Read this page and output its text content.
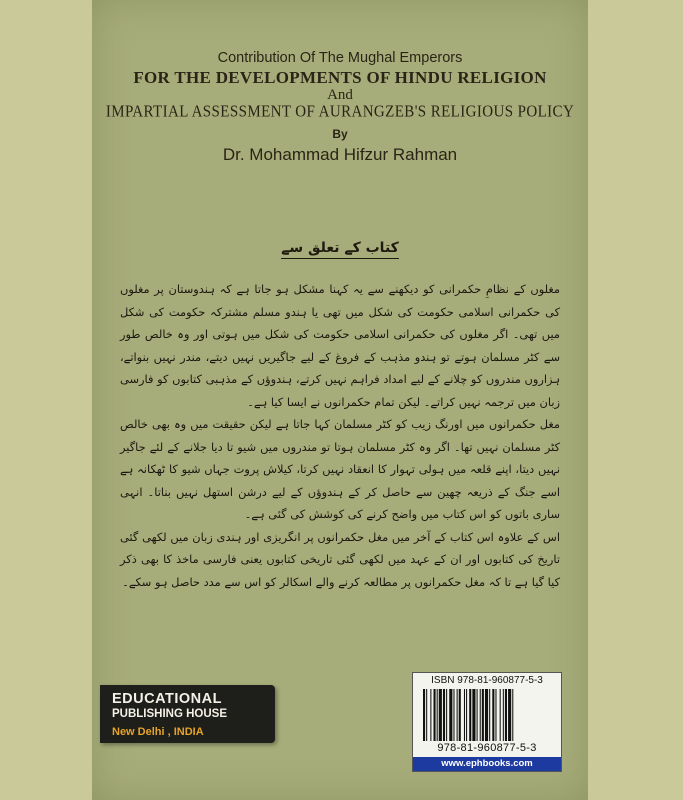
Contribution Of The Mughal Emperors
FOR THE DEVELOPMENTS OF HINDU RELIGION
And
IMPARTIAL ASSESSMENT OF AURANGZEB'S RELIGIOUS POLICY
By
Dr. Mohammad Hifzur Rahman
کتاب کے تعلق سے

مغلوں کے نظامِ حکمرانی کو دیکھنے سے یہ کہنا مشکل ہو جاتا ہے کہ ہندوستان پر مغلوں کی حکمرانی اسلامی حکومت کی شکل میں تھی یا ہندو مسلم مشترکہ حکومت کی شکل میں تھی۔ اگر مغلوں کی حکمرانی اسلامی حکومت کی شکل میں ہوتی اور وہ خالص طور سے کٹر مسلمان ہوتے تو ہندو مذہب کے فروغ کے لیے جاگیریں نہیں دیتے، مندر نہیں بنواتے، ہزاروں مندروں کو چلانے کے لیے امداد فراہم نہیں کرتے، ہندوؤں کے مذہبی کتابوں کو فارسی زبان میں ترجمہ نہیں کراتے۔ لیکن تمام حکمرانوں نے ایسا کیا ہے۔

مغل حکمرانوں میں اورنگ زیب کو کٹر مسلمان کہا جاتا ہے لیکن حقیقت میں وہ بھی خالص کٹر مسلمان نہیں تھا۔ اگر وہ کٹر مسلمان ہوتا تو مندروں میں شیو تا دیا جلانے کے لئے جاگیر نہیں دیتا، اپنے قلعہ میں ہولی تہوار کا انعقاد نہیں کرتا، کیلاش پروت جہاں شیو کا ٹھکانہ ہے اسے جنگ کے ذریعہ چھین سے حاصل کر کے ہندوؤں کے لیے درشن استھل نہیں بناتا۔ انہی ساری باتوں کو اس کتاب میں واضح کرنے کی کوشش کی گئی ہے۔

اس کے علاوہ اس کتاب کے آخر میں مغل حکمرانوں پر انگریزی اور ہندی زبان میں لکھی گئی تاریخ کی کتابوں اور ان کے عہد میں لکھی گئی تاریخی کتابوں یعنی فارسی ماخذ کا بھی ذکر کیا گیا ہے تا کہ مغل حکمرانوں پر مطالعہ کرنے والے اسکالر کو اس سے مدد حاصل ہو سکے۔

EDUCATIONAL
PUBLISHING HOUSE
New Delhi , INDIA
ISBN 978-81-960877-5-3
978-81-960877-5-3
www.ephbooks.com
